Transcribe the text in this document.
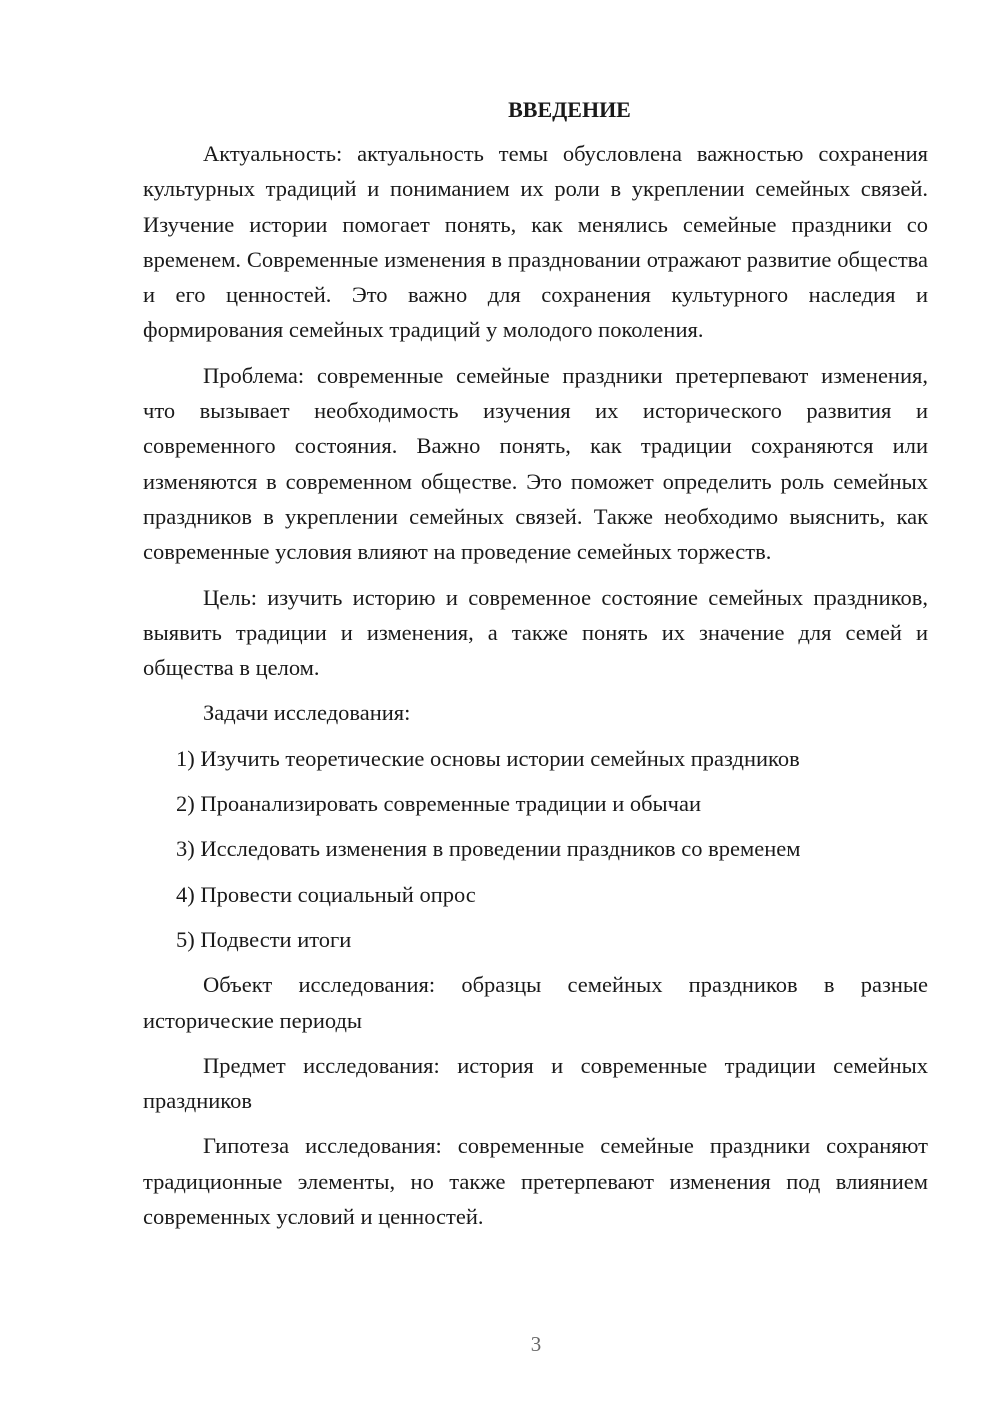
ВВЕДЕНИЕ

Актуальность: актуальность темы обусловлена важностью сохранения культурных традиций и пониманием их роли в укреплении семейных связей. Изучение истории помогает понять, как менялись семейные праздники со временем. Современные изменения в праздновании отражают развитие общества и его ценностей. Это важно для сохранения культурного наследия и формирования семейных традиций у молодого поколения.

Проблема: современные семейные праздники претерпевают изменения, что вызывает необходимость изучения их исторического развития и современного состояния. Важно понять, как традиции сохраняются или изменяются в современном обществе. Это поможет определить роль семейных праздников в укреплении семейных связей. Также необходимо выяснить, как современные условия влияют на проведение семейных торжеств.

Цель: изучить историю и современное состояние семейных праздников, выявить традиции и изменения, а также понять их значение для семей и общества в целом.

Задачи исследования:

1) Изучить теоретические основы истории семейных праздников
2) Проанализировать современные традиции и обычаи
3) Исследовать изменения в проведении праздников со временем
4) Провести социальный опрос
5) Подвести итоги

Объект исследования: образцы семейных праздников в разные исторические периоды

Предмет исследования: история и современные традиции семейных праздников

Гипотеза исследования: современные семейные праздники сохраняют традиционные элементы, но также претерпевают изменения под влиянием современных условий и ценностей.

3
